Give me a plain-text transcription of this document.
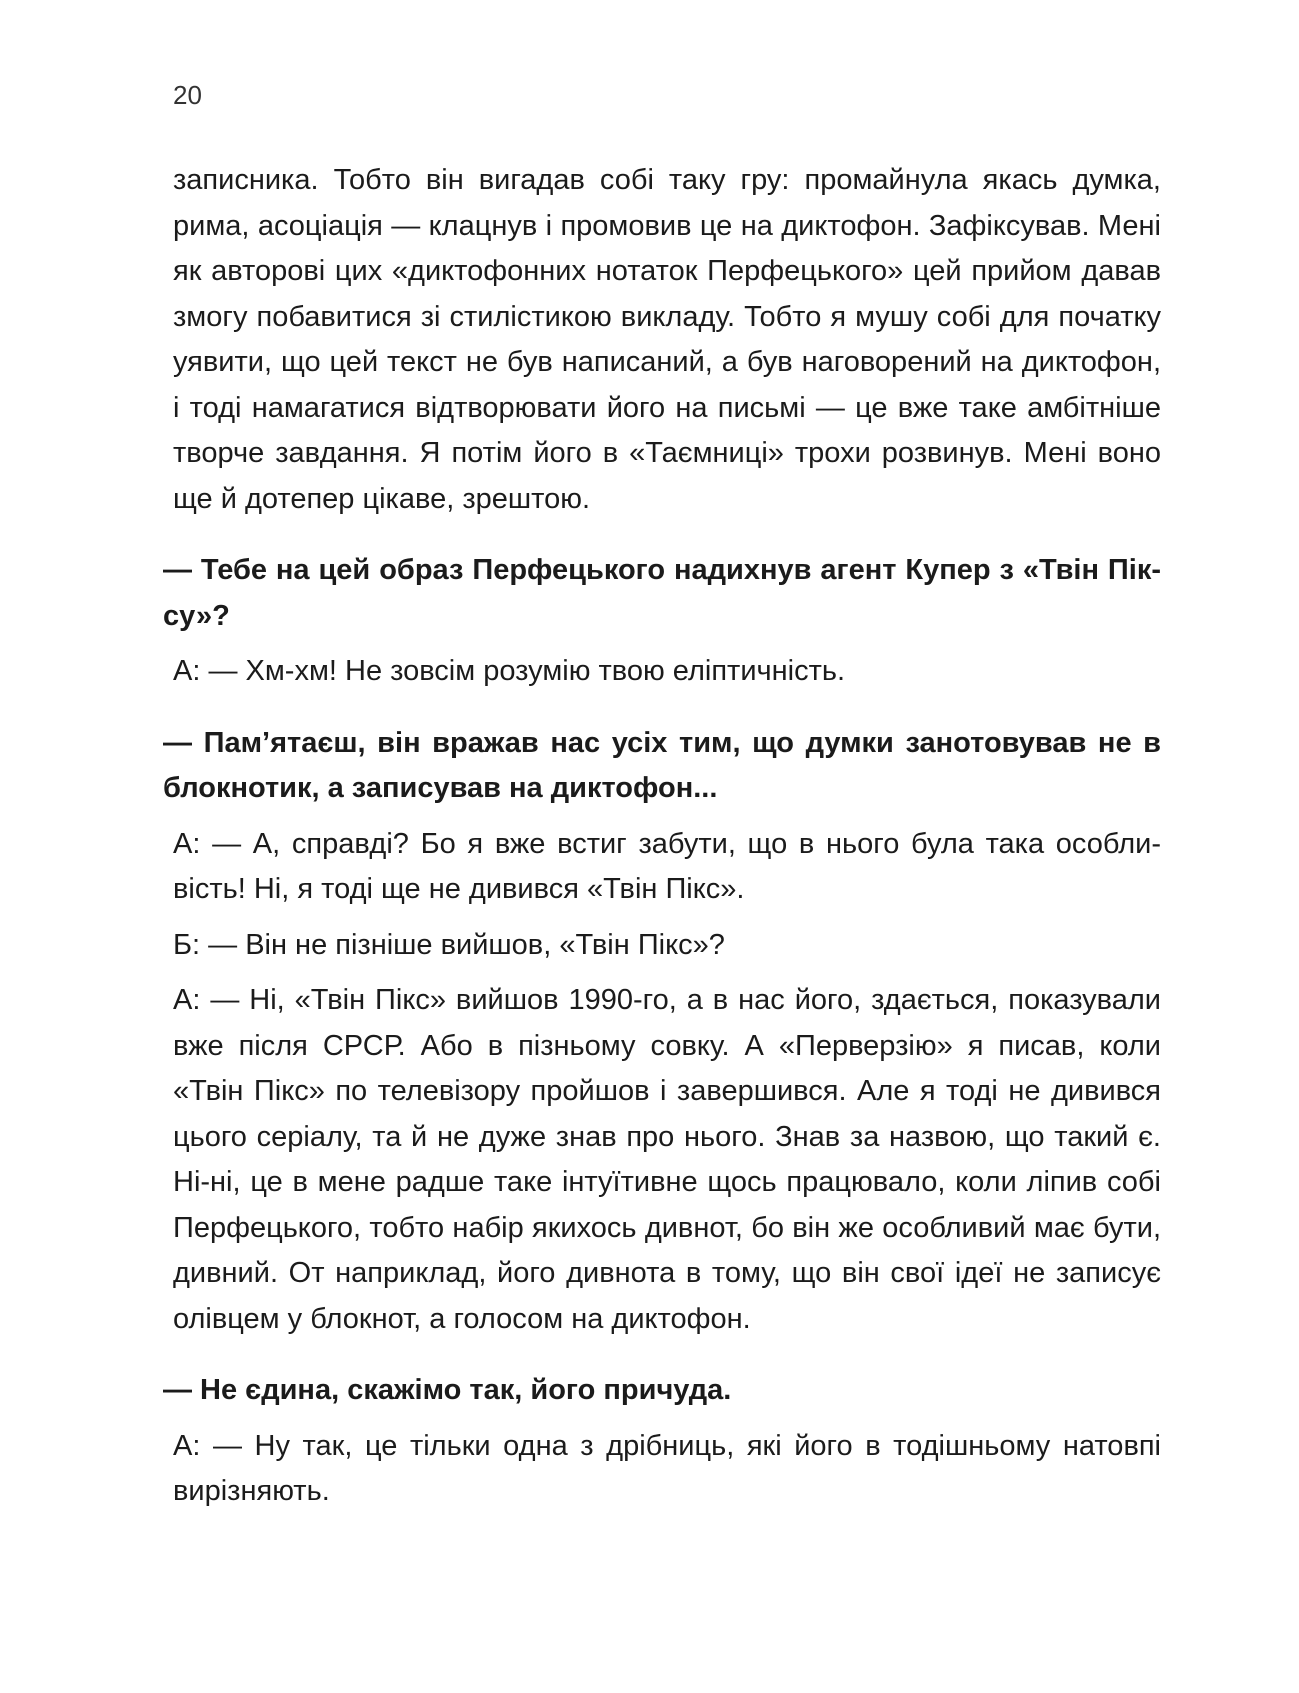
20

записника. Тобто він вигадав собі таку гру: промайнула якась думка, рима, асоціація — клацнув і промовив це на диктофон. Зафіксував. Мені як авторові цих «диктофонних нотаток Перфецького» цей прийом давав змогу побавитися зі стилістикою викладу. Тобто я мушу собі для початку уявити, що цей текст не був написаний, а був наговорений на диктофон, і тоді намагатися відтворювати його на письмі — це вже таке амбітніше творче завдання. Я потім його в «Таємниці» трохи розвинув. Мені воно ще й дотепер цікаве, зрештою.

— Тебе на цей образ Перфецького надихнув агент Купер з «Твін Піксу»?

А: — Хм-хм! Не зовсім розумію твою еліптичність.

— Пам’ятаєш, він вражав нас усіх тим, що думки занотовував не в блокнотик, а записував на диктофон...

А: — А, справді? Бо я вже встиг забути, що в нього була така особливість! Ні, я тоді ще не дивився «Твін Пікс».

Б: — Він не пізніше вийшов, «Твін Пікс»?

А: — Ні, «Твін Пікс» вийшов 1990-го, а в нас його, здається, показували вже після СРСР. Або в пізньому совку. А «Перверзію» я писав, коли «Твін Пікс» по телевізору пройшов і завершився. Але я тоді не дивився цього серіалу, та й не дуже знав про нього. Знав за назвою, що такий є. Ні-ні, це в мене радше таке інтуїтивне щось працювало, коли ліпив собі Перфецького, тобто набір якихось дивнот, бо він же особливий має бути, дивний. От наприклад, його дивнота в тому, що він свої ідеї не записує олівцем у блокнот, а голосом на диктофон.

— Не єдина, скажімо так, його причуда.

А: — Ну так, це тільки одна з дрібниць, які його в тодішньому натовпі вирізняють.
